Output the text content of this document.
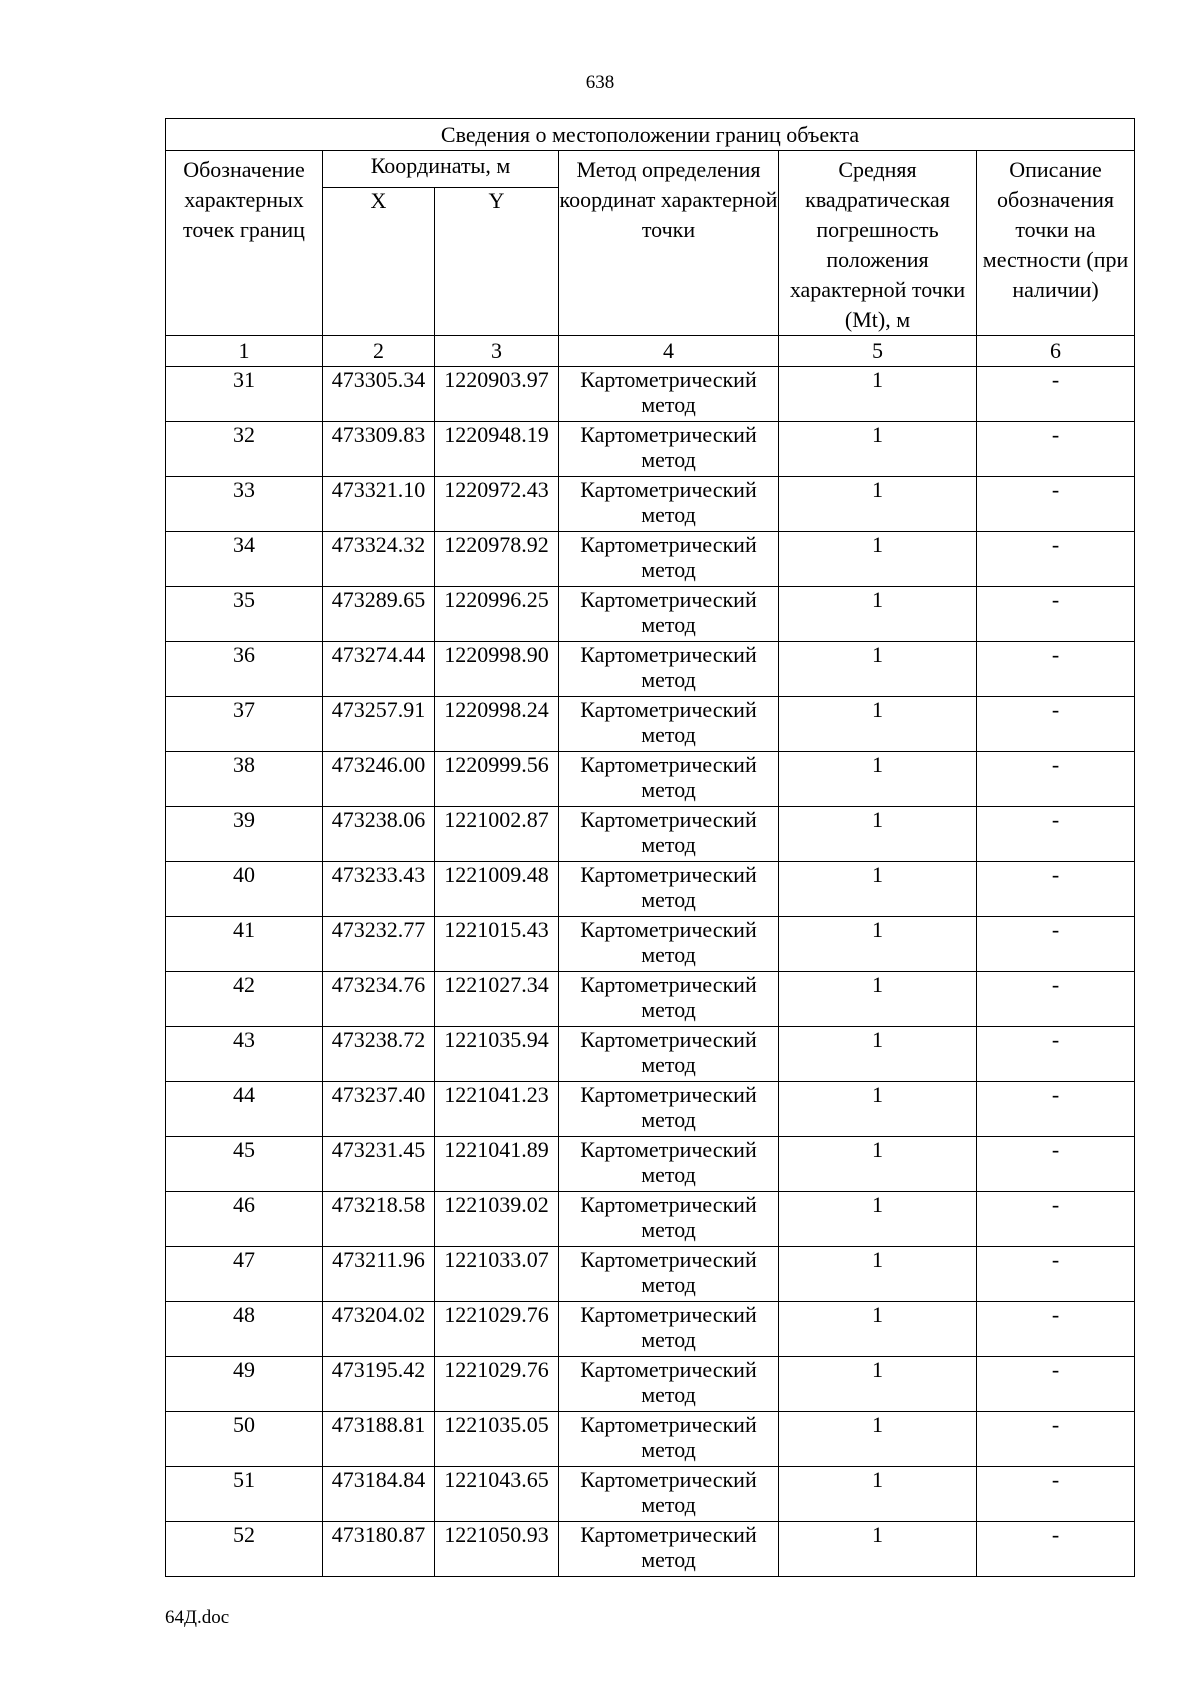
638
Сведения о местоположении границ объекта					
Обозначение характерных точек границ	Координаты, м		Метод определения координат характерной точки	Средняя квадратическая погрешность положения характерной точки (Mt), м	Описание обозначения точки на местности (при наличии)
	X	Y			
1	2	3	4	5	6
31	473305.34	1220903.97	Картометрический метод	1	-
32	473309.83	1220948.19	Картометрический метод	1	-
33	473321.10	1220972.43	Картометрический метод	1	-
34	473324.32	1220978.92	Картометрический метод	1	-
35	473289.65	1220996.25	Картометрический метод	1	-
36	473274.44	1220998.90	Картометрический метод	1	-
37	473257.91	1220998.24	Картометрический метод	1	-
38	473246.00	1220999.56	Картометрический метод	1	-
39	473238.06	1221002.87	Картометрический метод	1	-
40	473233.43	1221009.48	Картометрический метод	1	-
41	473232.77	1221015.43	Картометрический метод	1	-
42	473234.76	1221027.34	Картометрический метод	1	-
43	473238.72	1221035.94	Картометрический метод	1	-
44	473237.40	1221041.23	Картометрический метод	1	-
45	473231.45	1221041.89	Картометрический метод	1	-
46	473218.58	1221039.02	Картометрический метод	1	-
47	473211.96	1221033.07	Картометрический метод	1	-
48	473204.02	1221029.76	Картометрический метод	1	-
49	473195.42	1221029.76	Картометрический метод	1	-
50	473188.81	1221035.05	Картометрический метод	1	-
51	473184.84	1221043.65	Картометрический метод	1	-
52	473180.87	1221050.93	Картометрический метод	1	-
64Д.doc
